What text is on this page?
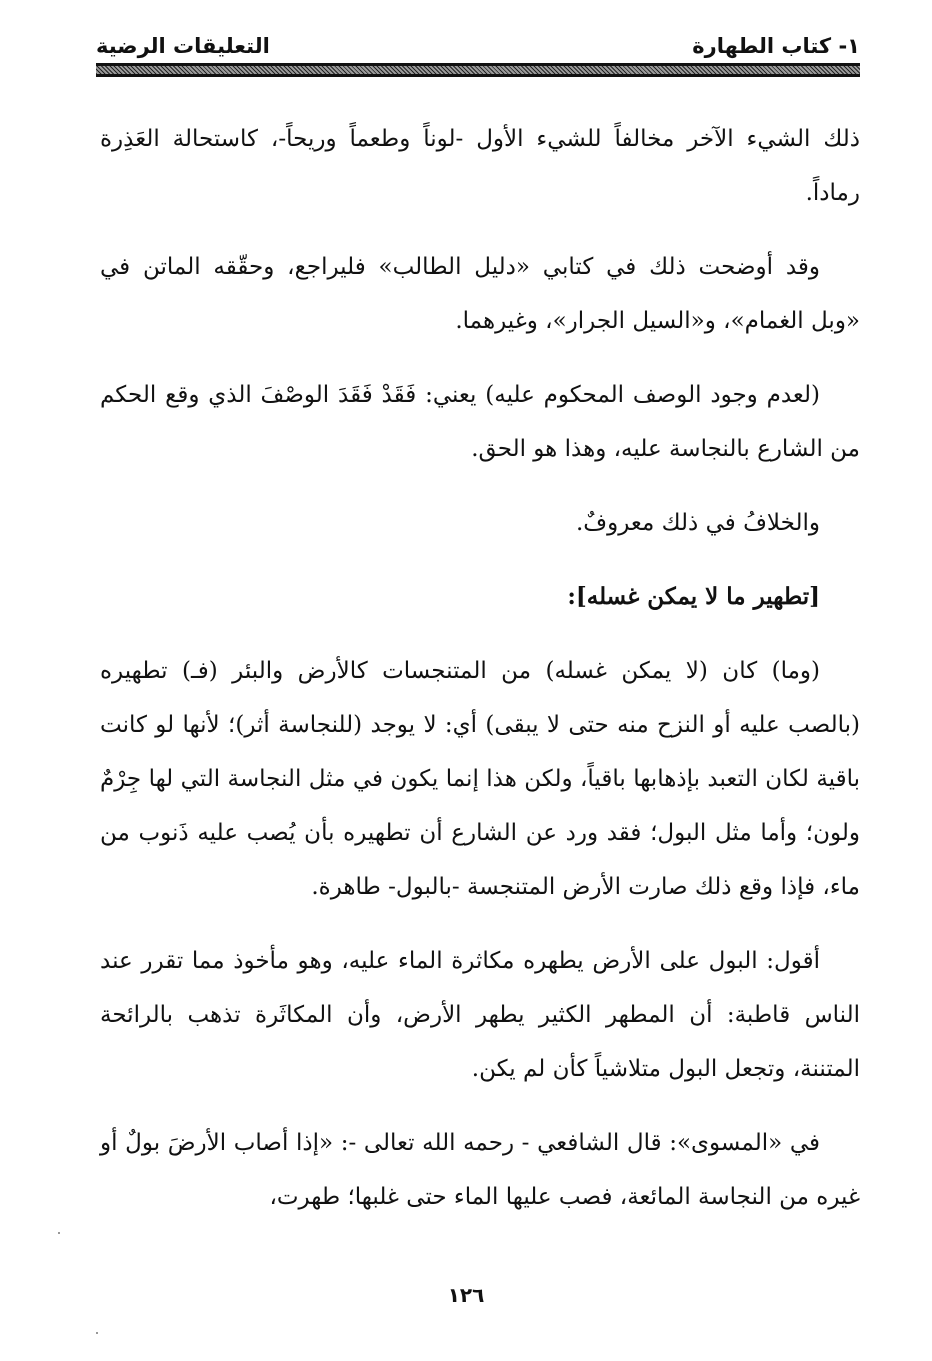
١- كتاب الطهارة
التعليقات الرضية

ذلك الشيء الآخر مخالفاً للشيء الأول -لوناً وطعماً وريحاً-، كاستحالة العَذِرة رماداً.

وقد أوضحت ذلك في كتابي «دليل الطالب» فليراجع، وحقّقه الماتن في «وبل الغمام»، و«السيل الجرار»، وغيرهما.

(لعدم وجود الوصف المحكوم عليه) يعني: فَقَدْ فَقَدَ الوصْفَ الذي وقع الحكم من الشارع بالنجاسة عليه، وهذا هو الحق.

والخلافُ في ذلك معروفٌ.

[تطهير ما لا يمكن غسله]:

(وما) كان (لا يمكن غسله) من المتنجسات كالأرض والبئر (فـ) تطهيره (بالصب عليه أو النزح منه حتى لا يبقى) أي: لا يوجد (للنجاسة أثر)؛ لأنها لو كانت باقية لكان التعبد بإذهابها باقياً، ولكن هذا إنما يكون في مثل النجاسة التي لها جِرْمٌ ولون؛ وأما مثل البول؛ فقد ورد عن الشارع أن تطهيره بأن يُصب عليه ذَنوب من ماء، فإذا وقع ذلك صارت الأرض المتنجسة -بالبول- طاهرة.

أقول: البول على الأرض يطهره مكاثرة الماء عليه، وهو مأخوذ مما تقرر عند الناس قاطبة: أن المطهر الكثير يطهر الأرض، وأن المكاثَرة تذهب بالرائحة المتننة، وتجعل البول متلاشياً كأن لم يكن.

في «المسوى»: قال الشافعي - رحمه الله تعالى -: «إذا أصاب الأرضَ بولٌ أو غيره من النجاسة المائعة، فصب عليها الماء حتى غلبها؛ طهرت،

١٢٦
